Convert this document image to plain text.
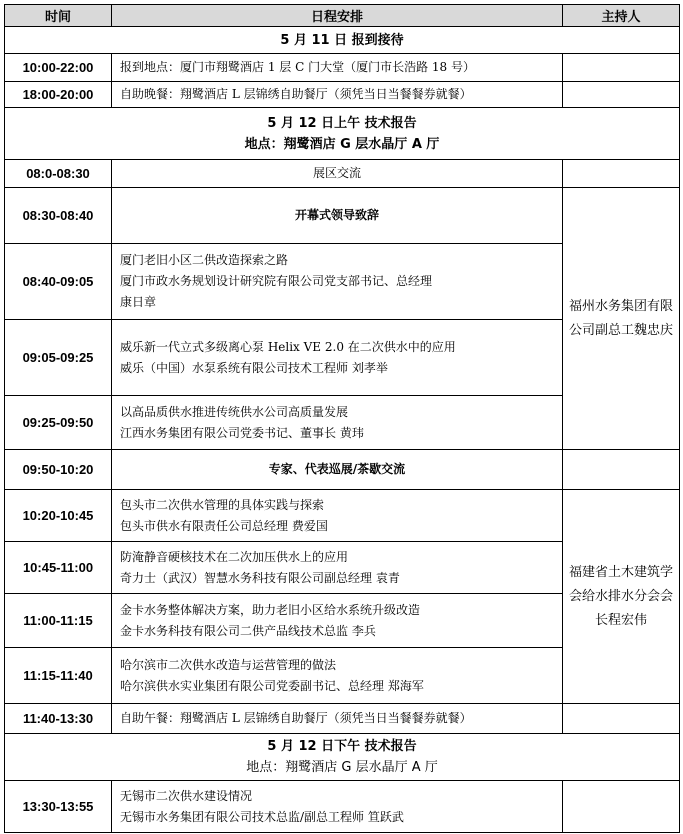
时间	日程安排	主持人
5 月 11 日 报到接待		
10:00-22:00	报到地点：厦门市翔鹭酒店 1 层 C 门大堂（厦门市长浩路 18 号）	
18:00-20:00	自助晚餐：翔鹭酒店 L 层锦绣自助餐厅（须凭当日当餐餐券就餐）	

5 月 12 日上午 技术报告
地点：翔鹭酒店 G 层水晶厅 A 厅		

08:0-08:30	展区交流	
08:30-08:40	开幕式领导致辞	福州水务集团有限公司副总工魏忠庆
08:40-09:05	厦门老旧小区二供改造探索之路
厦门市政水务规划设计研究院有限公司党支部书记、总经理
康日章	

09:05-09:25	威乐新一代立式多级离心泵 Helix VE 2.0 在二次供水中的应用
威乐（中国）水泵系统有限公司技术工程师 刘孝举	

09:25-09:50	以高品质供水推进传统供水公司高质量发展
江西水务集团有限公司党委书记、董事长 黄玮	

09:50-10:20	专家、代表巡展/茶歇交流	
10:20-10:45	包头市二次供水管理的具体实践与探索
包头市供水有限责任公司总经理 费爱国	福建省土木建筑学会给水排水分会会长程宏伟
10:45-11:00	防淹静音硬核技术在二次加压供水上的应用
奇力士（武汉）智慧水务科技有限公司副总经理 袁青	

11:00-11:15	金卡水务整体解决方案，助力老旧小区给水系统升级改造
金卡水务科技有限公司二供产品线技术总监 李兵	

11:15-11:40	哈尔滨市二次供水改造与运营管理的做法
哈尔滨供水实业集团有限公司党委副书记、总经理 郑海军	

11:40-13:30	自助午餐：翔鹭酒店 L 层锦绣自助餐厅（须凭当日当餐餐券就餐）	

5 月 12 日下午 技术报告
地点：翔鹭酒店 G 层水晶厅 A 厅		

13:30-13:55	无锡市二次供水建设情况
无锡市水务集团有限公司技术总监/副总工程师 笪跃武	
